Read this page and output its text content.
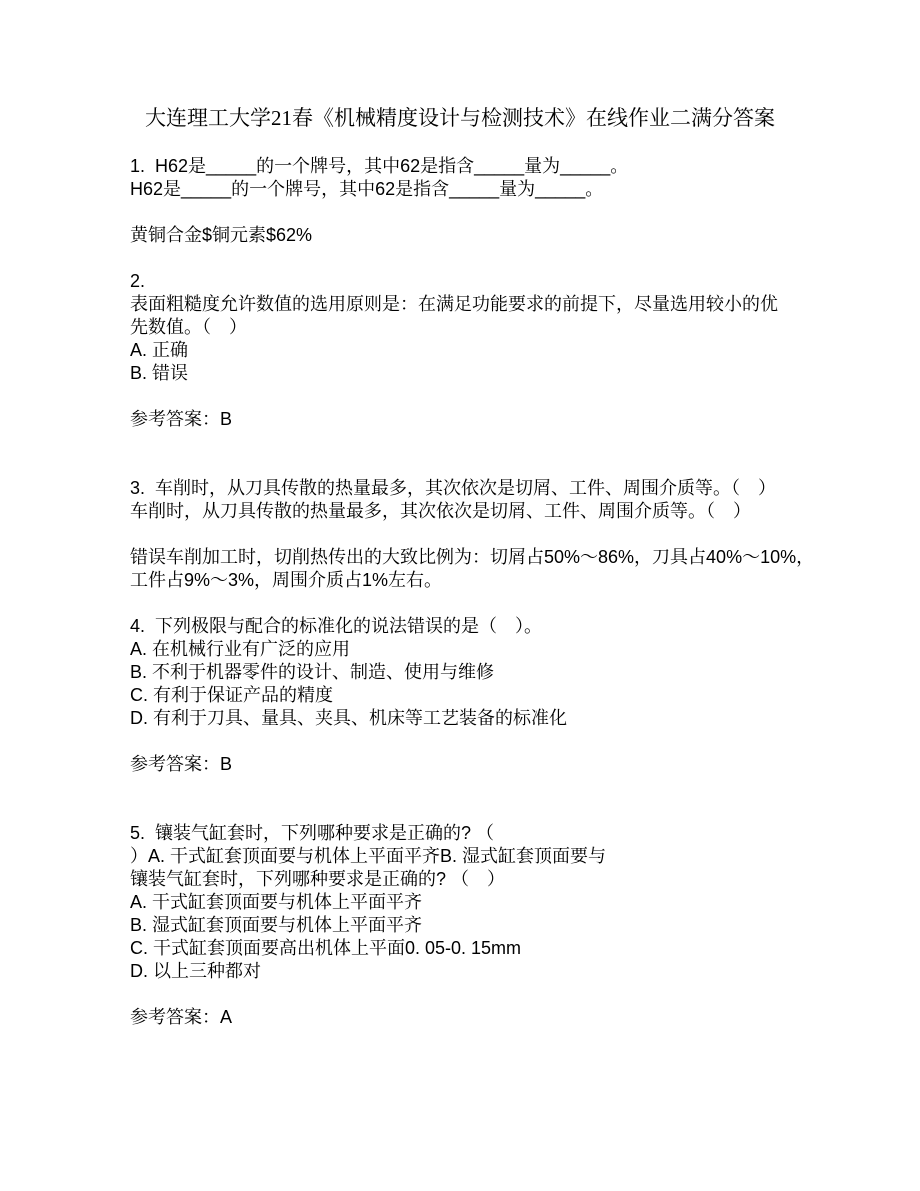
大连理工大学21春《机械精度设计与检测技术》在线作业二满分答案
1.  H62是_____的一个牌号，其中62是指含_____量为_____。
H62是_____的一个牌号，其中62是指含_____量为_____。

黄铜合金$铜元素$62%

2.
表面粗糙度允许数值的选用原则是：在满足功能要求的前提下，尽量选用较小的优
先数值。（　）
A. 正确
B. 错误

参考答案：B

3.  车削时，从刀具传散的热量最多，其次依次是切屑、工件、周围介质等。（　）
车削时，从刀具传散的热量最多，其次依次是切屑、工件、周围介质等。（　）

错误车削加工时，切削热传出的大致比例为：切屑占50%～86%，刀具占40%～10%，
工件占9%～3%，周围介质占1%左右。

4.  下列极限与配合的标准化的说法错误的是（　）。
A. 在机械行业有广泛的应用
B. 不利于机器零件的设计、制造、使用与维修
C. 有利于保证产品的精度
D. 有利于刀具、量具、夹具、机床等工艺装备的标准化

参考答案：B

5.  镶装气缸套时，下列哪种要求是正确的? （
）A. 干式缸套顶面要与机体上平面平齐B. 湿式缸套顶面要与
镶装气缸套时，下列哪种要求是正确的? （　）
A. 干式缸套顶面要与机体上平面平齐
B. 湿式缸套顶面要与机体上平面平齐
C. 干式缸套顶面要高出机体上平面0. 05-0. 15mm
D. 以上三种都对

参考答案：A
